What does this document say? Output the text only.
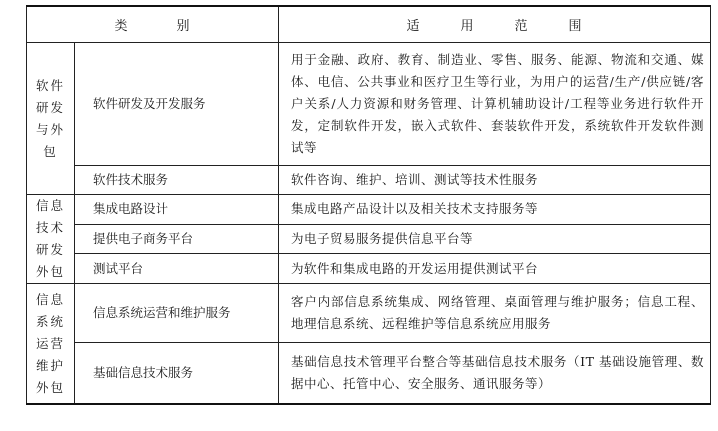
类　别		适　用　范　围

软件
研发
与外
包	软件研发及开发服务	用于金融、政府、教育、制造业、零售、服务、能源、物流和交通、媒体、电信、公共事业和医疗卫生等行业，为用户的运营/生产/供应链/客户关系/人力资源和财务管理、计算机辅助设计/工程等业务进行软件开发，定制软件开发，嵌入式软件、套装软件开发，系统软件开发软件测试等
	软件技术服务	软件咨询、维护、培训、测试等技术性服务

信息
技术
研发
外包	集成电路设计	集成电路产品设计以及相关技术支持服务等
	提供电子商务平台	为电子贸易服务提供信息平台等
	测试平台	为软件和集成电路的开发运用提供测试平台

信息
系统
运营
维护
外包	信息系统运营和维护服务	客户内部信息系统集成、网络管理、桌面管理与维护服务；信息工程、地理信息系统、远程维护等信息系统应用服务
	基础信息技术服务	基础信息技术管理平台整合等基础信息技术服务（IT 基础设施管理、数据中心、托管中心、安全服务、通讯服务等）
